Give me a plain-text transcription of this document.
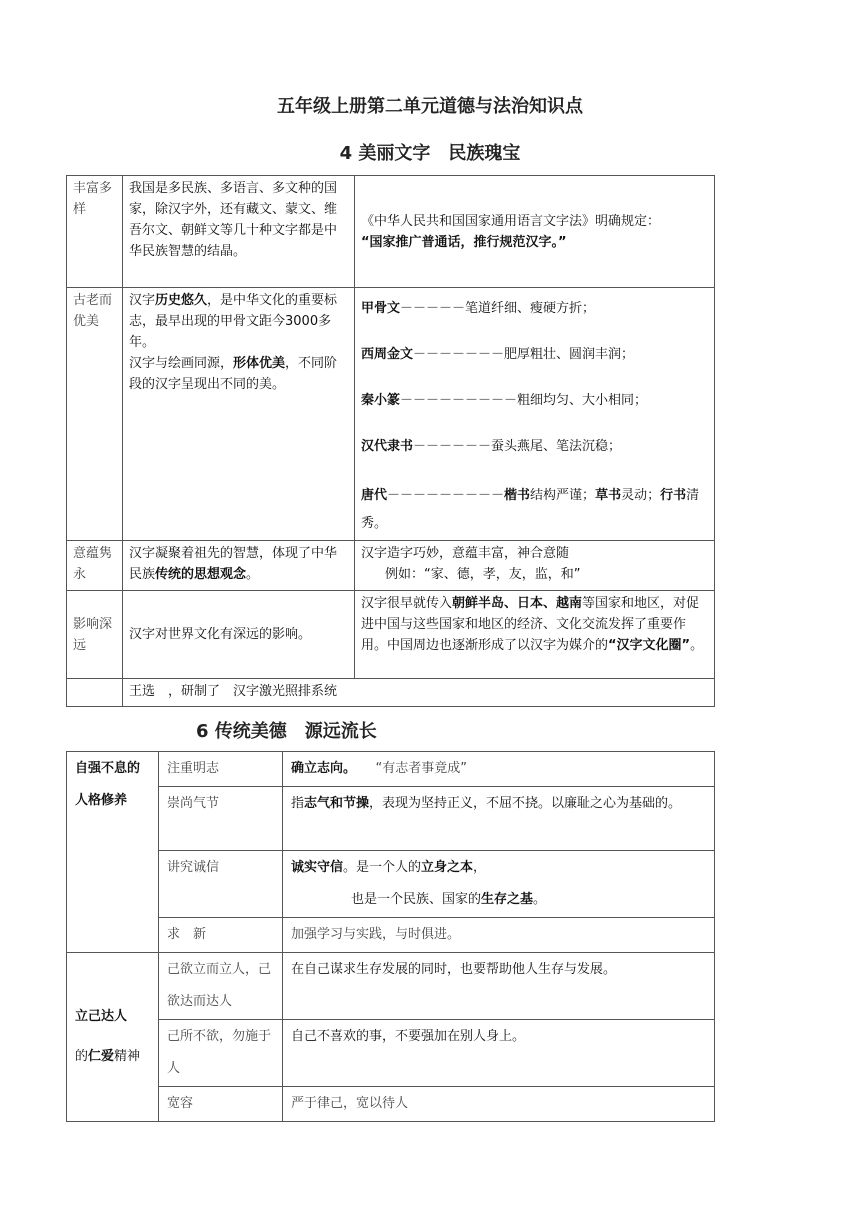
五年级上册第二单元道德与法治知识点
4 美丽文字　民族瑰宝
丰富多样	我国是多民族、多语言、多文种的国家，除汉字外，还有藏文、蒙文、维吾尔文、朝鲜文等几十种文字都是中华民族智慧的结晶。	《中华人民共和国国家通用语言文字法》明确规定：
“国家推广普通话，推行规范汉字。”
古老而优美	汉字历史悠久，是中华文化的重要标志，最早出现的甲骨文距今3000多年。
汉字与绘画同源，形体优美，不同阶段的汉字呈现出不同的美。	甲骨文－－－－－笔道纤细、瘦硬方折；
西周金文－－－－－－－肥厚粗壮、圆润丰润；
秦小篆－－－－－－－－－粗细均匀、大小相同；
汉代隶书－－－－－－蚕头燕尾、笔法沉稳；
唐代－－－－－－－－－楷书结构严谨；草书灵动；行书清秀。

意蕴隽永	汉字凝聚着祖先的智慧，体现了中华民族传统的思想观念。	汉字造字巧妙，意蕴丰富，神合意随
例如：“家、德，孝，友，监，和”

影响深远	汉字对世界文化有深远的影响。	汉字很早就传入朝鲜半岛、日本、越南等国家和地区，对促进中国与这些国家和地区的经济、文化交流发挥了重要作用。中国周边也逐渐形成了以汉字为媒介的“汉字文化圈”。
	王选　，研制了　汉字激光照排系统	
6 传统美德　源远流长
自强不息的人格修养	注重明志	确立志向。　　“有志者事竟成”
	崇尚气节	指志气和节操，表现为坚持正义，不屈不挠。以廉耻之心为基础的。
	讲究诚信	诚实守信。是一个人的立身之本，
也是一个民族、国家的生存之基。

	求　新	加强学习与实践，与时俱进。

立己达人
的仁爱精神	己欲立而立人，己欲达而达人	在自己谋求生存发展的同时，也要帮助他人生存与发展。
	己所不欲，勿施于人	自己不喜欢的事，不要强加在别人身上。
	宽容	严于律己，宽以待人
